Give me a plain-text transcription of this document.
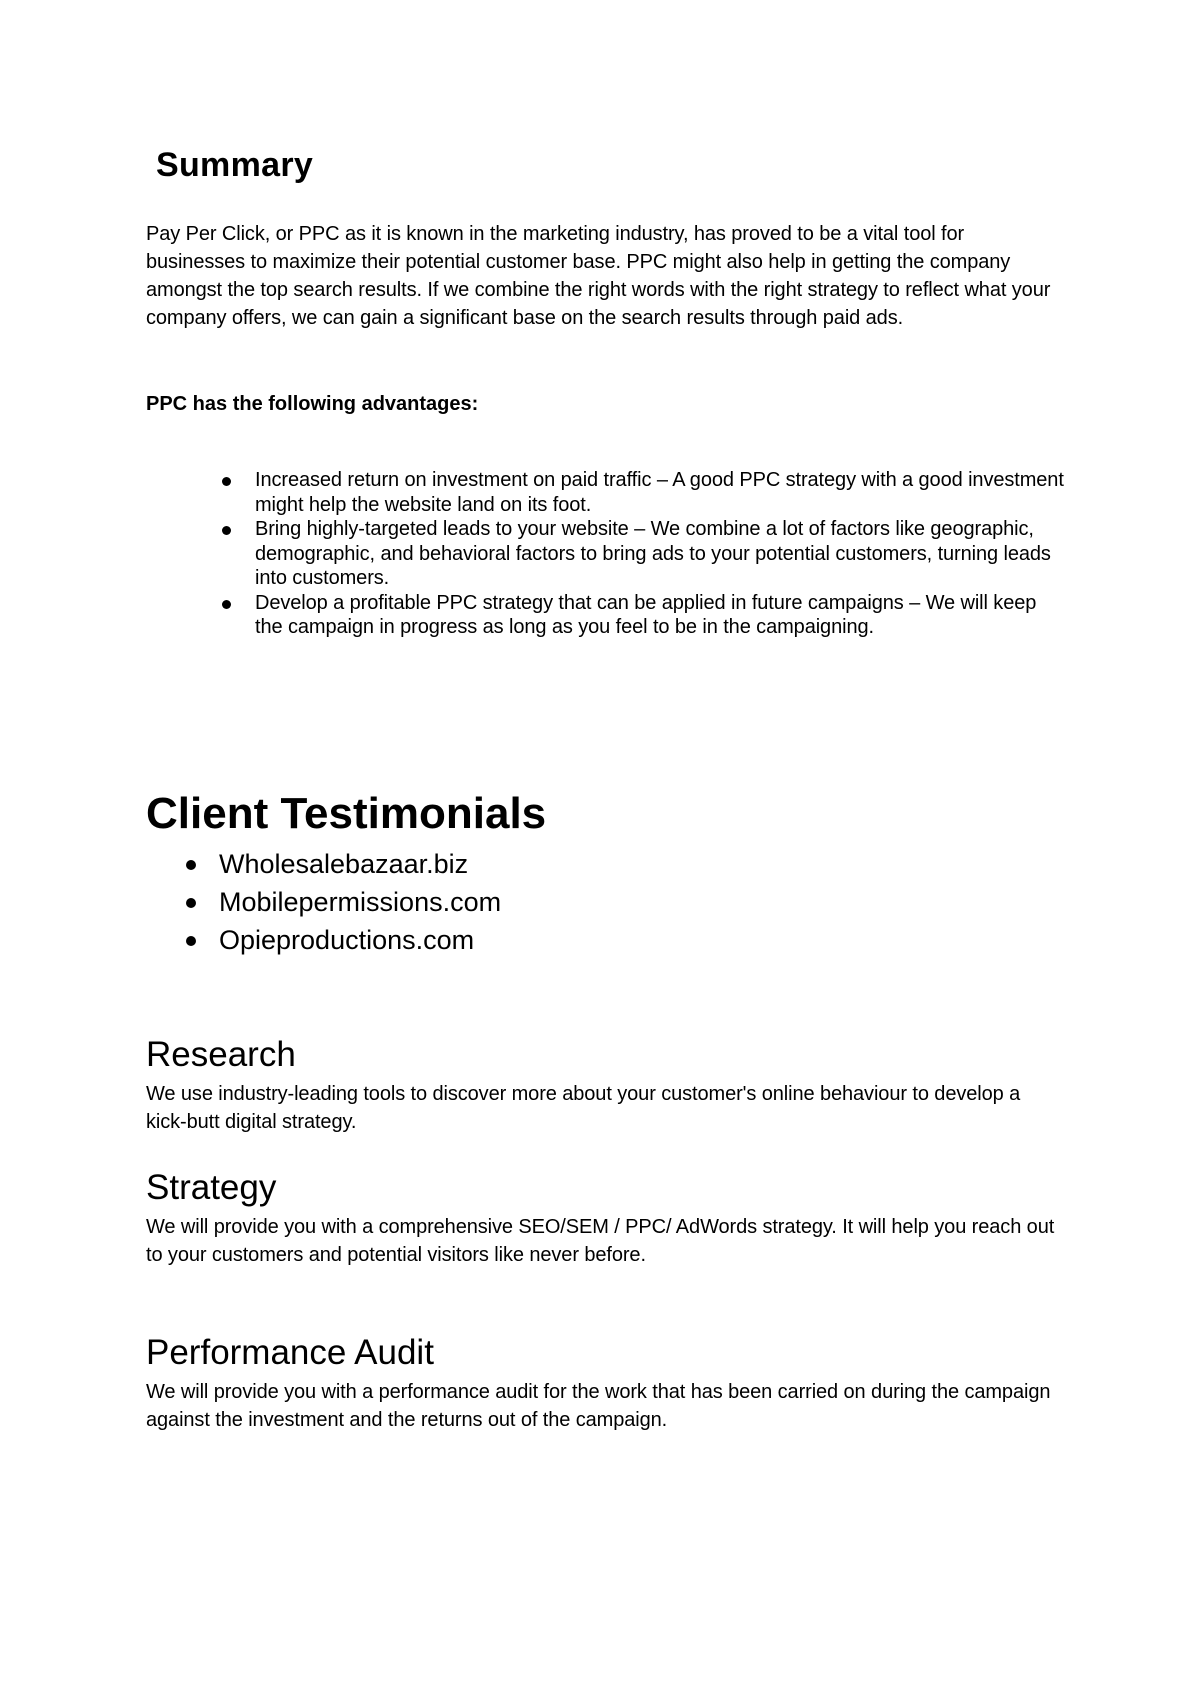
Summary

Pay Per Click, or PPC as it is known in the marketing industry, has proved to be a vital tool for businesses to maximize their potential customer base. PPC might also help in getting the company amongst the top search results. If we combine the right words with the right strategy to reflect what your company offers, we can gain a significant base on the search results through paid ads.

PPC has the following advantages:

Increased return on investment on paid traffic – A good PPC strategy with a good investment might help the website land on its foot.
Bring highly-targeted leads to your website – We combine a lot of factors like geographic, demographic, and behavioral factors to bring ads to your potential customers, turning leads into customers.
Develop a profitable PPC strategy that can be applied in future campaigns – We will keep the campaign in progress as long as you feel to be in the campaigning.
Client Testimonials
Wholesalebazaar.biz
Mobilepermissions.com
Opieproductions.com
Research

We use industry-leading tools to discover more about your customer's online behaviour to develop a kick-butt digital strategy.

Strategy

We will provide you with a comprehensive SEO/SEM / PPC/ AdWords strategy. It will help you reach out to your customers and potential visitors like never before.

Performance Audit

We will provide you with a performance audit for the work that has been carried on during the campaign against the investment and the returns out of the campaign.
